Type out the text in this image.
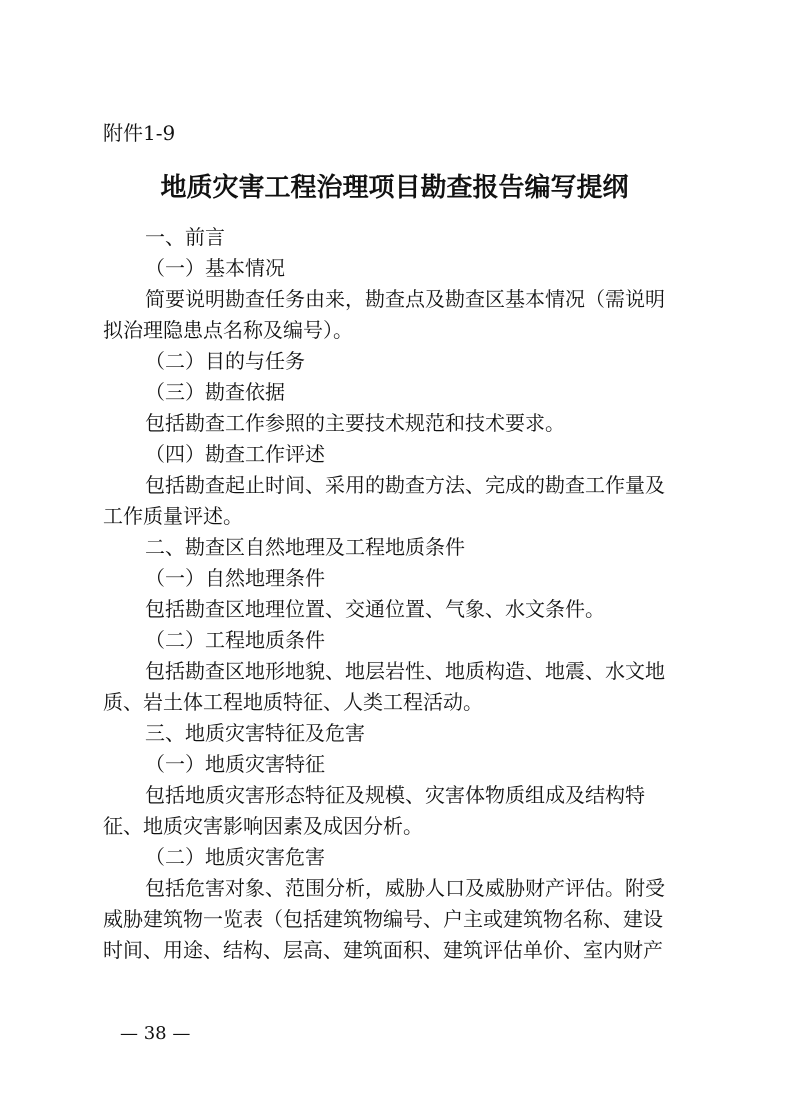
附件1-9
地质灾害工程治理项目勘查报告编写提纲
一、前言
（一）基本情况
简要说明勘查任务由来，勘查点及勘查区基本情况（需说明
拟治理隐患点名称及编号）。
（二）目的与任务
（三）勘查依据
包括勘查工作参照的主要技术规范和技术要求。
（四）勘查工作评述
包括勘查起止时间、采用的勘查方法、完成的勘查工作量及
工作质量评述。
二、勘查区自然地理及工程地质条件
（一）自然地理条件
包括勘查区地理位置、交通位置、气象、水文条件。
（二）工程地质条件
包括勘查区地形地貌、地层岩性、地质构造、地震、水文地
质、岩土体工程地质特征、人类工程活动。
三、地质灾害特征及危害
（一）地质灾害特征
包括地质灾害形态特征及规模、灾害体物质组成及结构特
征、地质灾害影响因素及成因分析。
（二）地质灾害危害
包括危害对象、范围分析，威胁人口及威胁财产评估。附受
威胁建筑物一览表（包括建筑物编号、户主或建筑物名称、建设
时间、用途、结构、层高、建筑面积、建筑评估单价、室内财产
— 38 —
